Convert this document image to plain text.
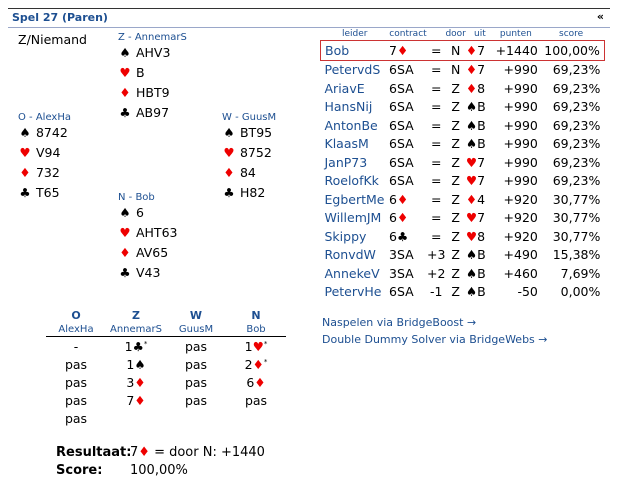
Spel 27 (Paren)	«
Z/Niemand	Z - AnnemarS
♠ AHV3
♥ B
♦ HBT9
♣ AB97
O - AlexHa
♠ 8742
♥ V94
♦ 732
♣ T65
W - GuusM
♠ BT95
♥ 8752
♦ 84
♣ H82
N - Bob
♠ 6
♥ AHT63
♦ AV65
♣ V43
leider	contract		door	uit	punten	score
Bob	7♦	=	N	♦7	+1440	100,00%
PetervdS	6SA	=	N	♦7	+990	69,23%
AriavE	6SA	=	Z	♦8	+990	69,23%
HansNij	6SA	=	Z	♠B	+990	69,23%
AntonBe	6SA	=	Z	♠B	+990	69,23%
KlaasM	6SA	=	Z	♠B	+990	69,23%
JanP73	6SA	=	Z	♥7	+990	69,23%
RoelofKk	6SA	=	Z	♥7	+990	69,23%
EgbertMe	6♦	=	Z	♦4	+920	30,77%
WillemJM	6♦	=	Z	♥7	+920	30,77%
Skippy	6♣	=	Z	♥8	+920	30,77%
RonvdW	3SA	+3	Z	♠B	+490	15,38%
AnnekeV	3SA	+2	Z	♠B	+460	7,69%
PetervHe	6SA	-1	Z	♠B	-50	0,00%
Naspelen via BridgeBoost →
Double Dummy Solver via BridgeWebs →
O	Z	W	N
AlexHa	AnnemarS	GuusM	Bob
-	1♣*	pas	1♥*
pas	1♠	pas	2♦*
pas	3♦	pas	6♦
pas	7♦	pas	pas
pas			
Resultaat:7♦ = door N: +1440
Score: 100,00%
